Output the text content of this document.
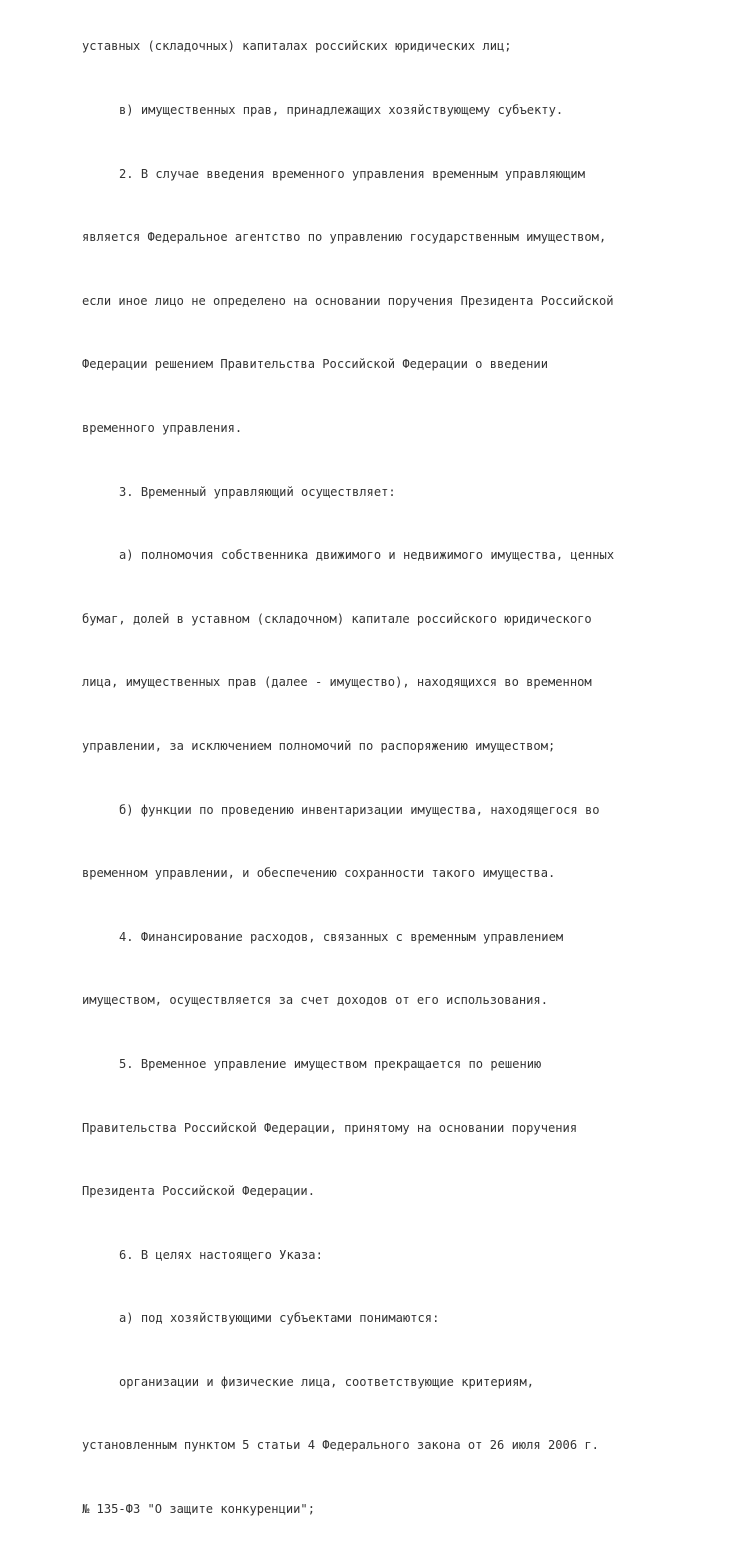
уставных (складочных) капиталах российских юридических лиц;

в) имущественных прав, принадлежащих хозяйствующему субъекту.

2. В случае введения временного управления временным управляющим

является Федеральное агентство по управлению государственным имуществом,

если иное лицо не определено на основании поручения Президента Российской

Федерации решением Правительства Российской Федерации о введении

временного управления.

3. Временный управляющий осуществляет:

а) полномочия собственника движимого и недвижимого имущества, ценных

бумаг, долей в уставном (складочном) капитале российского юридического

лица, имущественных прав (далее - имущество), находящихся во временном

управлении, за исключением полномочий по распоряжению имуществом;

б) функции по проведению инвентаризации имущества, находящегося во

временном управлении, и обеспечению сохранности такого имущества.

4. Финансирование расходов, связанных с временным управлением

имуществом, осуществляется за счет доходов от его использования.

5. Временное управление имуществом прекращается по решению

Правительства Российской Федерации, принятому на основании поручения

Президента Российской Федерации.

6. В целях настоящего Указа:

а) под хозяйствующими субъектами понимаются:

организации и физические лица, соответствующие критериям,

установленным пунктом 5 статьи 4 Федерального закона от 26 июля 2006 г.

№ 135-ФЗ "О защите конкуренции";
